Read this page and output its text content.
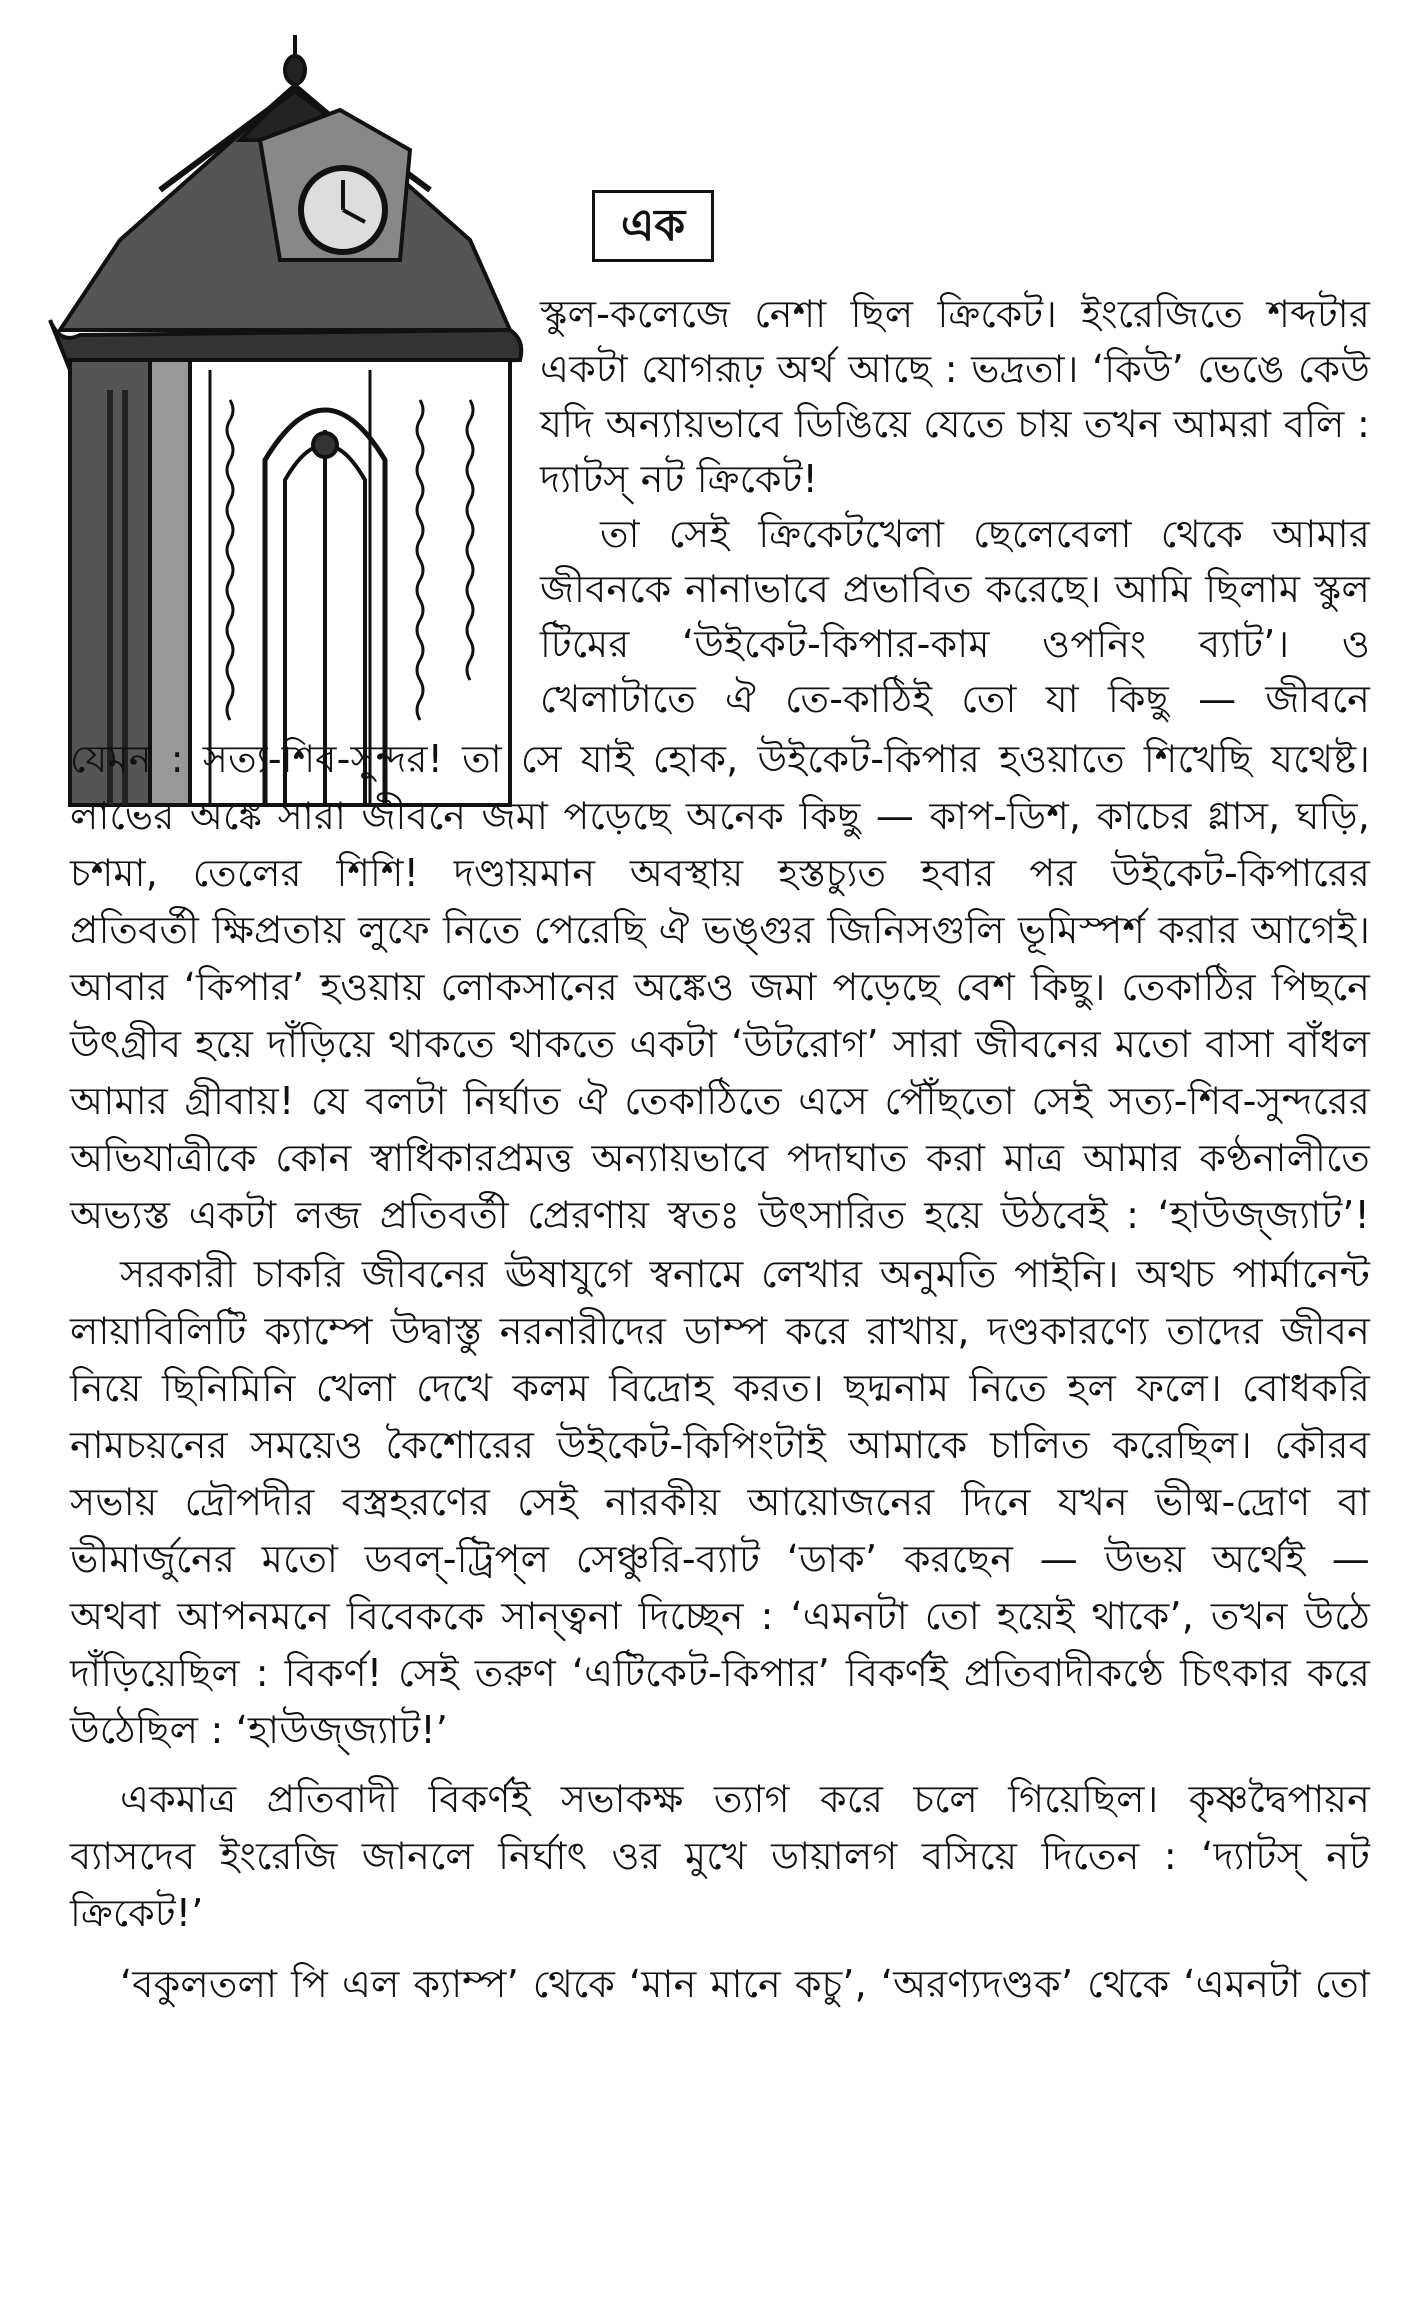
এক
স্কুল-কলেজে নেশা ছিল ক্রিকেট। ইংরেজিতে শব্দটার
একটা যোগরূঢ় অর্থ আছে : ভদ্রতা। ‘কিউ’ ভেঙে কেউ
যদি অন্যায়ভাবে ডিঙিয়ে যেতে চায় তখন আমরা বলি :
দ্যাটস্ নট ক্রিকেট!
তা সেই ক্রিকেটখেলা ছেলেবেলা থেকে আমার
জীবনকে নানাভাবে প্রভাবিত করেছে। আমি ছিলাম স্কুল
টিমের ‘উইকেট-কিপার-কাম ওপনিং ব্যাট’। ও
খেলাটাতে ঐ তে-কাঠিই তো যা কিছু — জীবনে
যেমন : সত্য-শিব-সুন্দর! তা সে যাই হোক, উইকেট-কিপার হওয়াতে শিখেছি যথেষ্ট।
লাভের অঙ্কে সারা জীবনে জমা পড়েছে অনেক কিছু — কাপ-ডিশ, কাচের গ্লাস, ঘড়ি,
চশমা, তেলের শিশি! দণ্ডায়মান অবস্থায় হস্তচ্যুত হবার পর উইকেট-কিপারের
প্রতিবর্তী ক্ষিপ্রতায় লুফে নিতে পেরেছি ঐ ভঙ্গুর জিনিসগুলি ভূমিস্পর্শ করার আগেই।
আবার ‘কিপার’ হওয়ায় লোকসানের অঙ্কেও জমা পড়েছে বেশ কিছু। তেকাঠির পিছনে
উৎগ্রীব হয়ে দাঁড়িয়ে থাকতে থাকতে একটা ‘উটরোগ’ সারা জীবনের মতো বাসা বাঁধল
আমার গ্রীবায়! যে বলটা নির্ঘাত ঐ তেকাঠিতে এসে পৌঁছতো সেই সত্য-শিব-সুন্দরের
অভিযাত্রীকে কোন স্বাধিকারপ্রমত্ত অন্যায়ভাবে পদাঘাত করা মাত্র আমার কণ্ঠনালীতে
অভ্যস্ত একটা লব্জ প্রতিবর্তী প্রেরণায় স্বতঃ উৎসারিত হয়ে উঠবেই : ‘হাউজ্‌জ্যাট’!
সরকারী চাকরি জীবনের ঊষাযুগে স্বনামে লেখার অনুমতি পাইনি। অথচ পার্মানেন্ট
লায়াবিলিটি ক্যাম্পে উদ্বাস্তু নরনারীদের ডাম্প করে রাখায়, দণ্ডকারণ্যে তাদের জীবন
নিয়ে ছিনিমিনি খেলা দেখে কলম বিদ্রোহ করত। ছদ্মনাম নিতে হল ফলে। বোধকরি
নামচয়নের সময়েও কৈশোরের উইকেট-কিপিংটাই আমাকে চালিত করেছিল। কৌরব
সভায় দ্রৌপদীর বস্ত্রহরণের সেই নারকীয় আয়োজনের দিনে যখন ভীষ্ম-দ্রোণ বা
ভীমার্জুনের মতো ডবল্-ট্রিপ্‌ল সেঞ্চুরি-ব্যাট ‘ডাক’ করছেন — উভয় অর্থেই —
অথবা আপনমনে বিবেককে সান্ত্বনা দিচ্ছেন : ‘এমনটা তো হয়েই থাকে’, তখন উঠে
দাঁড়িয়েছিল : বিকর্ণ! সেই তরুণ ‘এটিকেট-কিপার’ বিকর্ণই প্রতিবাদীকণ্ঠে চিৎকার করে
উঠেছিল : ‘হাউজ্‌জ্যাট!’
একমাত্র প্রতিবাদী বিকর্ণই সভাকক্ষ ত্যাগ করে চলে গিয়েছিল। কৃষ্ণদ্বৈপায়ন
ব্যাসদেব ইংরেজি জানলে নির্ঘাৎ ওর মুখে ডায়ালগ বসিয়ে দিতেন : ‘দ্যাটস্ নট
ক্রিকেট!’
‘বকুলতলা পি এল ক্যাম্প’ থেকে ‘মান মানে কচু’, ‘অরণ্যদণ্ডক’ থেকে ‘এমনটা তো
